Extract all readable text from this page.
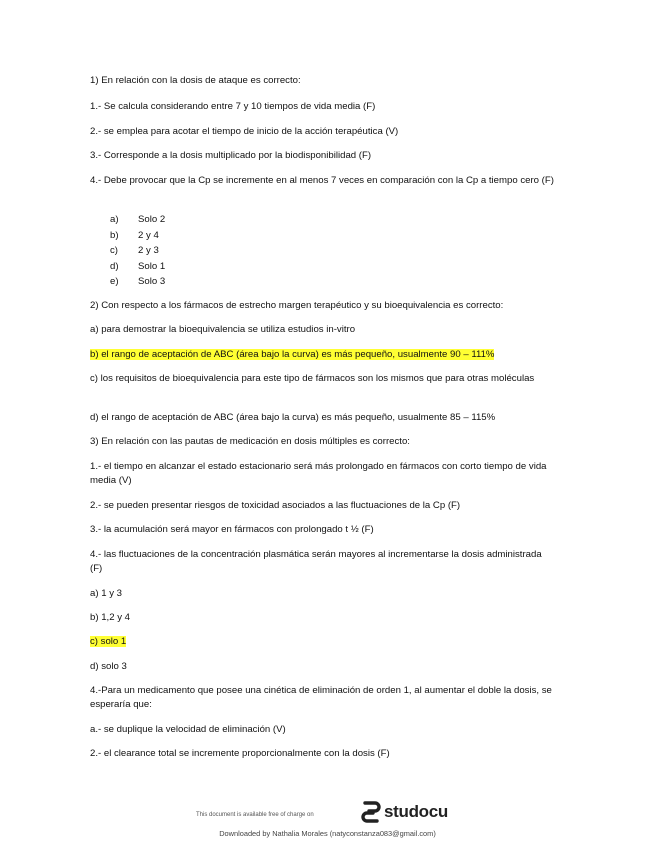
1) En relación con la dosis de ataque es correcto:

1.- Se calcula considerando entre 7 y 10 tiempos de vida media (F)

2.- se emplea para acotar el tiempo de inicio de la acción terapéutica (V)

3.- Corresponde a la dosis multiplicado por la biodisponibilidad (F)

4.- Debe provocar que la Cp se incremente en al menos 7 veces en comparación con la Cp a tiempo cero (F)

a)	Solo 2
b)	2 y 4
c)	2 y 3
d)	Solo 1
e)	Solo 3

2) Con respecto a los fármacos de estrecho margen terapéutico y su bioequivalencia es correcto:

a) para demostrar la bioequivalencia se utiliza estudios in-vitro

b) el rango de aceptación de ABC (área bajo la curva) es más pequeño, usualmente 90 – 111%

c) los requisitos de bioequivalencia para este tipo de fármacos son los mismos que para otras moléculas

d) el rango de aceptación de ABC (área bajo la curva) es más pequeño, usualmente 85 – 115%

3) En relación con las pautas de medicación en dosis múltiples es correcto:

1.- el tiempo en alcanzar el estado estacionario será más prolongado en fármacos con corto tiempo de vida media (V)

2.- se pueden presentar riesgos de toxicidad asociados a las fluctuaciones de la Cp (F)

3.- la acumulación será mayor en fármacos con prolongado t ½ (F)

4.- las fluctuaciones de la concentración plasmática serán mayores al incrementarse la dosis administrada (F)

a) 1 y 3

b) 1,2 y 4

c) solo 1

d) solo 3

4.-Para un medicamento que posee una cinética de eliminación de orden 1, al aumentar el doble la dosis, se esperaría que:

a.- se duplique la velocidad de eliminación (V)

2.- el clearance total se incremente proporcionalmente con la dosis (F)

This document is available free of charge on	studocu
Downloaded by Nathalia Morales (natyconstanza083@gmail.com)
